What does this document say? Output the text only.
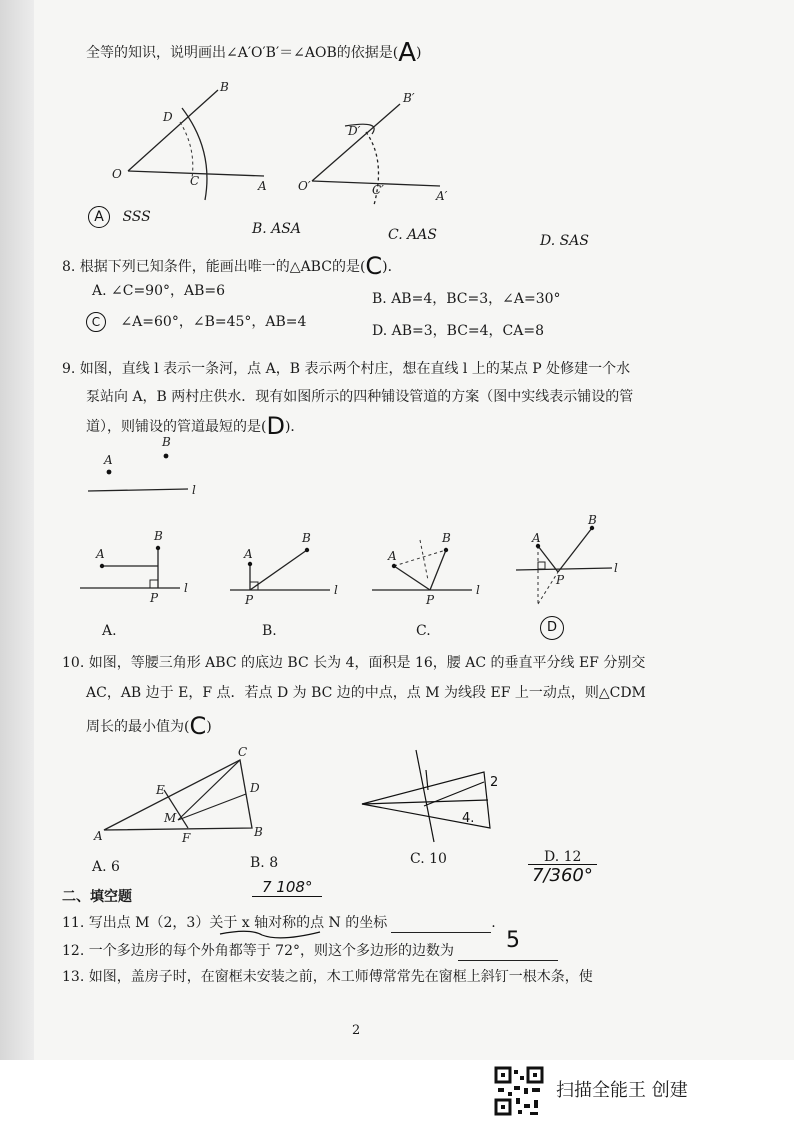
全等的知识，说明画出∠A′O′B′＝∠AOB的依据是(A)
B
D
O	C	A
B′
D′
O′	C′	A′
A SSS
B. ASA	C. AAS	D. SAS
8. 根据下列已知条件，能画出唯一的△ABC的是(C)．
A. ∠C=90°，AB=6	B. AB=4，BC=3，∠A=30°
C ∠A=60°，∠B=45°，AB=4
D. AB=3，BC=4，CA=8
9. 如图，直线 l 表示一条河，点 A，B 表示两个村庄，想在直线 l 上的某点 P 处修建一个水
泵站向 A，B 两村庄供水．现有如图所示的四种铺设管道的方案（图中实线表示铺设的管
道），则铺设的管道最短的是(D)．
A
B
l
A
B
P
l
A
B
P
l
A
B
P
l
A
B
P
l
A.	B.	C.	D
10. 如图，等腰三角形 ABC 的底边 BC 长为 4，面积是 16，腰 AC 的垂直平分线 EF 分别交
AC，AB 边于 E，F 点．若点 D 为 BC 边的中点，点 M 为线段 EF 上一动点，则△CDM
周长的最小值为(C)
A	B
C
D
E
F
M
2
4.
A. 6	B. 8	C. 10	D. 12
7/360°
二、填空题
7 108°
11. 写出点 M（2，3）关于 x 轴对称的点 N 的坐标	.
12. 一个多边形的每个外角都等于 72°，则这个多边形的边数为	5
13. 如图，盖房子时，在窗框未安装之前，木工师傅常常先在窗框上斜钉一根木条，使
2
扫描全能王 创建
